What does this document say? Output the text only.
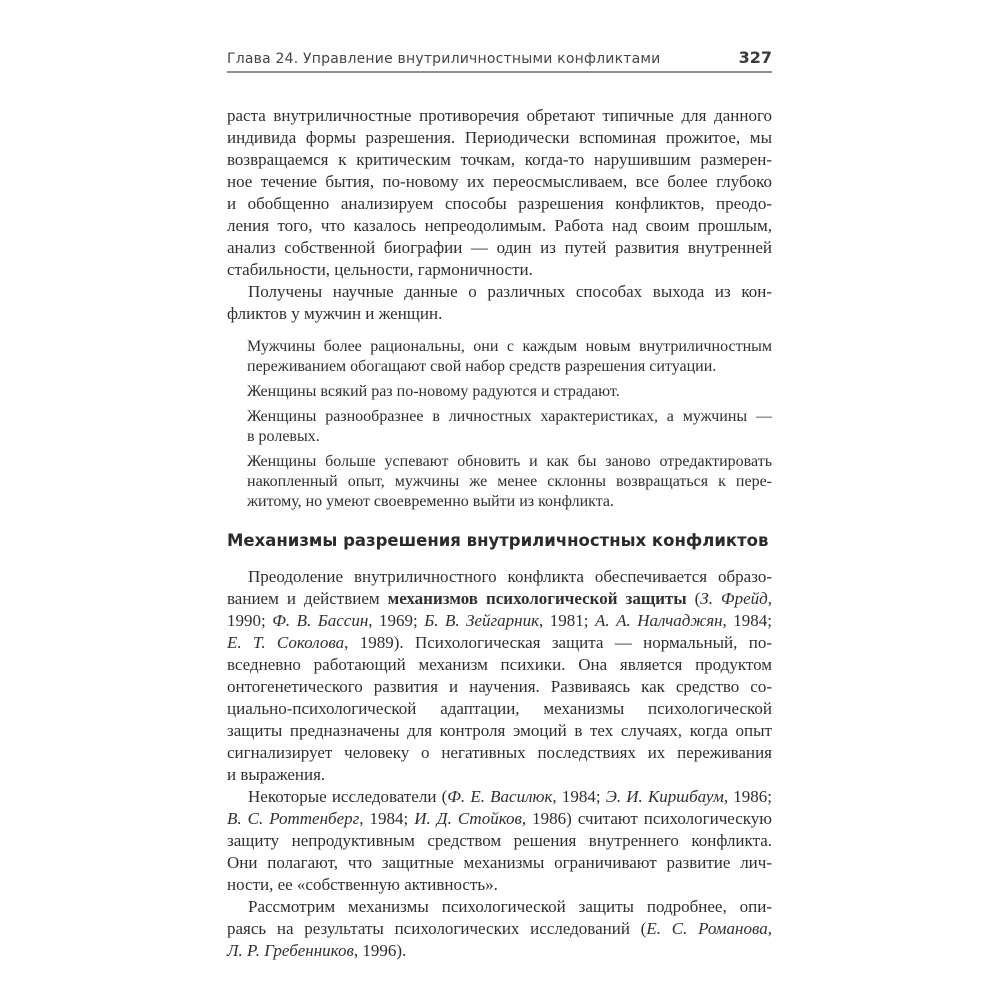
Глава 24. Управление внутриличностными конфликтами	327
раста внутриличностные противоречия обретают типичные для данного
индивида формы разрешения. Периодически вспоминая прожитое, мы
возвращаемся к критическим точкам, когда-то нарушившим размерен-
ное течение бытия, по-новому их переосмысливаем, все более глубоко
и обобщенно анализируем способы разрешения конфликтов, преодо-
ления того, что казалось непреодолимым. Работа над своим прошлым,
анализ собственной биографии — один из путей развития внутренней
стабильности, цельности, гармоничности.
Получены научные данные о различных способах выхода из кон-
фликтов у мужчин и женщин.
Мужчины более рациональны, они с каждым новым внутриличностным
переживанием обогащают свой набор средств разрешения ситуации.
Женщины всякий раз по-новому радуются и страдают.
Женщины разнообразнее в личностных характеристиках, а мужчины —
в ролевых.
Женщины больше успевают обновить и как бы заново отредактировать
накопленный опыт, мужчины же менее склонны возвращаться к пере-
житому, но умеют своевременно выйти из конфликта.
Механизмы разрешения внутриличностных конфликтов
Преодоление внутриличностного конфликта обеспечивается образо-
ванием и действием механизмов психологической защиты (З. Фрейд,
1990; Ф. В. Бассин, 1969; Б. В. Зейгарник, 1981; А. А. Налчаджян, 1984;
Е. Т. Соколова, 1989). Психологическая защита — нормальный, по-
вседневно работающий механизм психики. Она является продуктом
онтогенетического развития и научения. Развиваясь как средство со-
циально-психологической адаптации, механизмы психологической
защиты предназначены для контроля эмоций в тех случаях, когда опыт
сигнализирует человеку о негативных последствиях их переживания
и выражения.
Некоторые исследователи (Ф. Е. Василюк, 1984; Э. И. Киршбаум, 1986;
В. С. Роттенберг, 1984; И. Д. Стойков, 1986) считают психологическую
защиту непродуктивным средством решения внутреннего конфликта.
Они полагают, что защитные механизмы ограничивают развитие лич-
ности, ее «собственную активность».
Рассмотрим механизмы психологической защиты подробнее, опи-
раясь на результаты психологических исследований (Е. С. Романова,
Л. Р. Гребенников, 1996).
